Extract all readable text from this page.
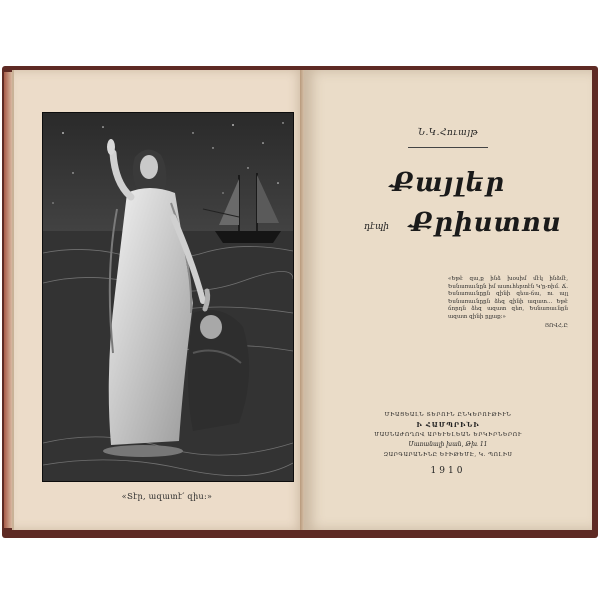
«Տէր, ազատէ՛ զիս։»
Ն.Կ.Հուայթ
Քայլեր
դէպի Քրիստոս
«Եթէ զա,ք ինձ խօսիմ մէկ ինձմէ, Եսնառաւնըն իմ ասուհերտէն Կ'ը-ռիմ. Ճ. Եսնառաւնըըն զինի զեա-ճա, ու այլ Եսնառաւնըըն ձեզ զինի ազատ... Եթէ ճորդն ձեզ ազատ զեռ, Եսնառաւնըն ազատ զինի ըլլաք։»
ՅՈՎՀ.Ը
ՄԻԱՑԵԱԼՆ ՏԵՐՈՒՆ ԸՆԿԵՐՈՒԹԻՒՆ
Ի ՀԱՄՊՐԻՆԻ
ՄԱՍՆԱԺՈՂՈՎ ԱՐԵՒԵԼԵԱՆ ԵՐԿԻՐՆԵՐՈՒ
Մառանալի խան, Թիւ 11
ԶԱՐԳԱՐԱՆԻՆԸ ԵՒԻԹԵՄԷ, Կ. ՊՈԼԻՍ
1910
